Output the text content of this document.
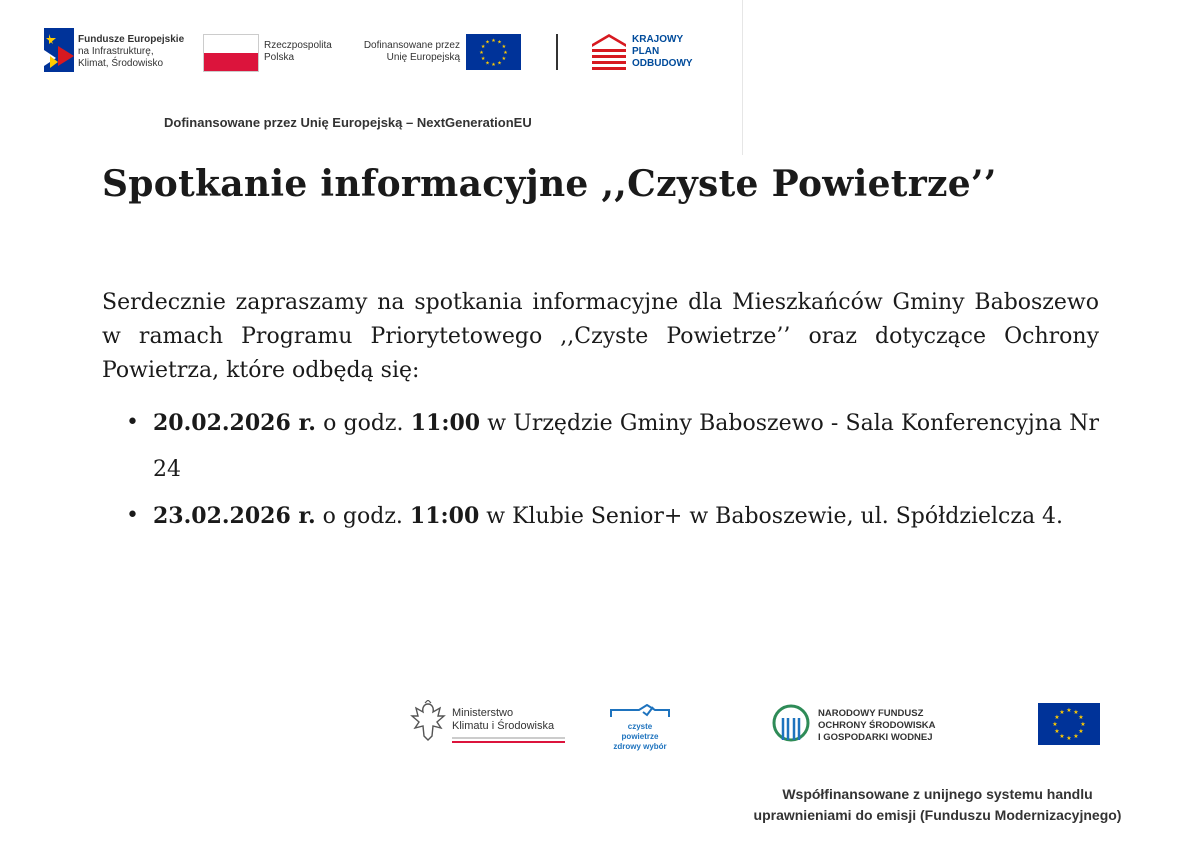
Fundusze Europejskie
na Infrastrukturę,
Klimat, Środowisko
Rzeczpospolita
Polska
Dofinansowane przez
Unię Europejską
★ ★
★
★
★
★
★
★
★
★
★
★	KRAJOWY
PLAN
ODBUDOWY
Dofinansowane przez Unię Europejską – NextGenerationEU
Spotkanie informacyjne ,,Czyste Powietrze’’
Serdecznie zapraszamy na spotkania informacyjne dla Mieszkańców Gminy Baboszewo w ramach Programu Priorytetowego ,,Czyste Powietrze’’ oraz dotyczące Ochrony Powietrza, które odbędą się:
• 20.02.2026 r. o godz. 11:00 w Urzędzie Gminy Baboszewo - Sala Konferencyjna Nr 24
• 23.02.2026 r. o godz. 11:00 w Klubie Senior+ w Baboszewie, ul. Spółdzielcza 4.
Ministerstwo
Klimatu i Środowiska	czyste powietrze
zdrowy wybór
NARODOWY FUNDUSZ
OCHRONY ŚRODOWISKA
I GOSPODARKI WODNEJ
★ ★
★
★
★
★
★
★
★
★
★
★
Współfinansowane z unijnego systemu handlu
uprawnieniami do emisji (Funduszu Modernizacyjnego)
